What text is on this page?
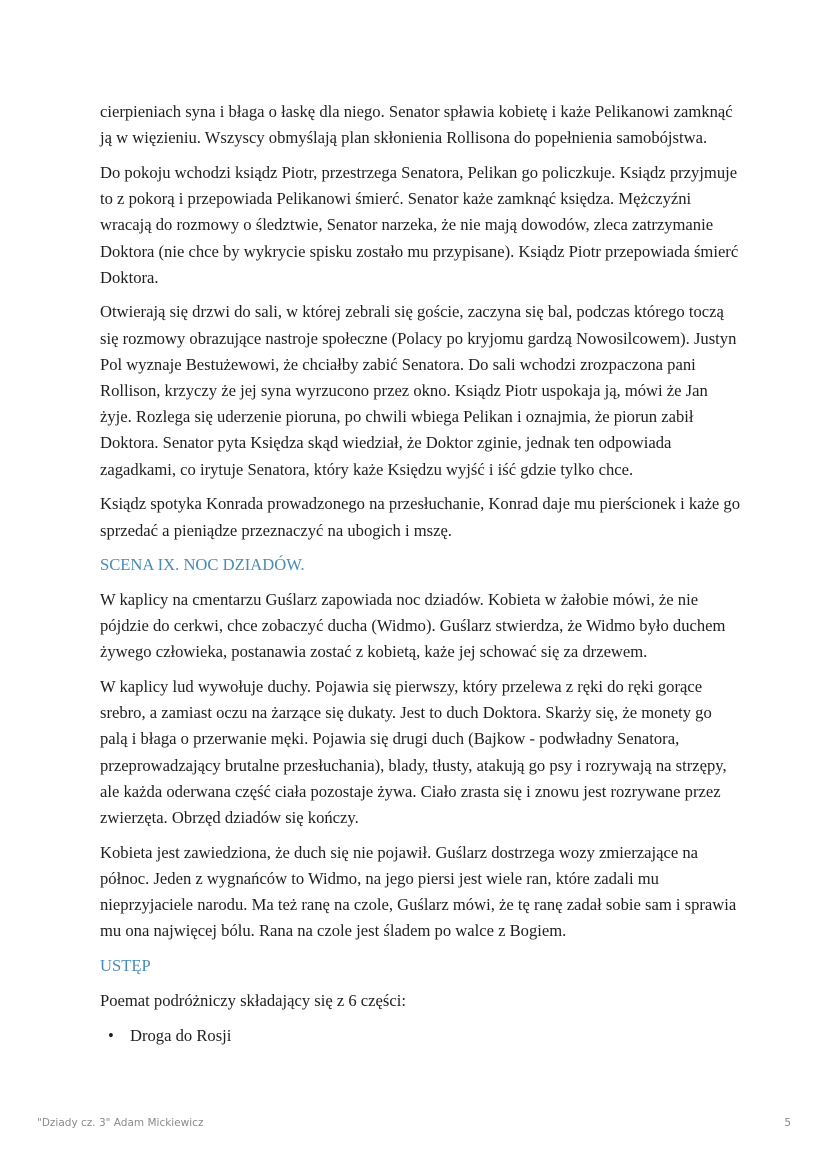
cierpieniach syna i błaga o łaskę dla niego. Senator spławia kobietę i każe Pelikanowi zamknąć ją w więzieniu. Wszyscy obmyślają plan skłonienia Rollisona do popełnienia samobójstwa.

Do pokoju wchodzi ksiądz Piotr, przestrzega Senatora, Pelikan go policzkuje. Ksiądz przyjmuje to z pokorą i przepowiada Pelikanowi śmierć. Senator każe zamknąć księdza. Mężczyźni wracają do rozmowy o śledztwie, Senator narzeka, że nie mają dowodów, zleca zatrzymanie Doktora (nie chce by wykrycie spisku zostało mu przypisane). Ksiądz Piotr przepowiada śmierć Doktora.

Otwierają się drzwi do sali, w której zebrali się goście, zaczyna się bal, podczas którego toczą się rozmowy obrazujące nastroje społeczne (Polacy po kryjomu gardzą Nowosilcowem). Justyn Pol wyznaje Bestużewowi, że chciałby zabić Senatora. Do sali wchodzi zrozpaczona pani Rollison, krzyczy że jej syna wyrzucono przez okno. Ksiądz Piotr uspokaja ją, mówi że Jan żyje. Rozlega się uderzenie pioruna, po chwili wbiega Pelikan i oznajmia, że piorun zabił Doktora. Senator pyta Księdza skąd wiedział, że Doktor zginie, jednak ten odpowiada zagadkami, co irytuje Senatora, który każe Księdzu wyjść i iść gdzie tylko chce.

Ksiądz spotyka Konrada prowadzonego na przesłuchanie, Konrad daje mu pierścionek i każe go sprzedać a pieniądze przeznaczyć na ubogich i mszę.

SCENA IX. NOC DZIADÓW.

W kaplicy na cmentarzu Guślarz zapowiada noc dziadów. Kobieta w żałobie mówi, że nie pójdzie do cerkwi, chce zobaczyć ducha (Widmo). Guślarz stwierdza, że Widmo było duchem żywego człowieka, postanawia zostać z kobietą, każe jej schować się za drzewem.

W kaplicy lud wywołuje duchy. Pojawia się pierwszy, który przelewa z ręki do ręki gorące srebro, a zamiast oczu na żarzące się dukaty. Jest to duch Doktora. Skarży się, że monety go palą i błaga o przerwanie męki. Pojawia się drugi duch (Bajkow - podwładny Senatora, przeprowadzający brutalne przesłuchania), blady, tłusty, atakują go psy i rozrywają na strzępy, ale każda oderwana część ciała pozostaje żywa. Ciało zrasta się i znowu jest rozrywane przez zwierzęta. Obrzęd dziadów się kończy.

Kobieta jest zawiedziona, że duch się nie pojawił. Guślarz dostrzega wozy zmierzające na północ. Jeden z wygnańców to Widmo, na jego piersi jest wiele ran, które zadali mu nieprzyjaciele narodu. Ma też ranę na czole, Guślarz mówi, że tę ranę zadał sobie sam i sprawia mu ona najwięcej bólu. Rana na czole jest śladem po walce z Bogiem.

USTĘP

Poemat podróżniczy składający się z 6 części:

• Droga do Rosji
"Dziady cz. 3" Adam Mickiewicz	5
